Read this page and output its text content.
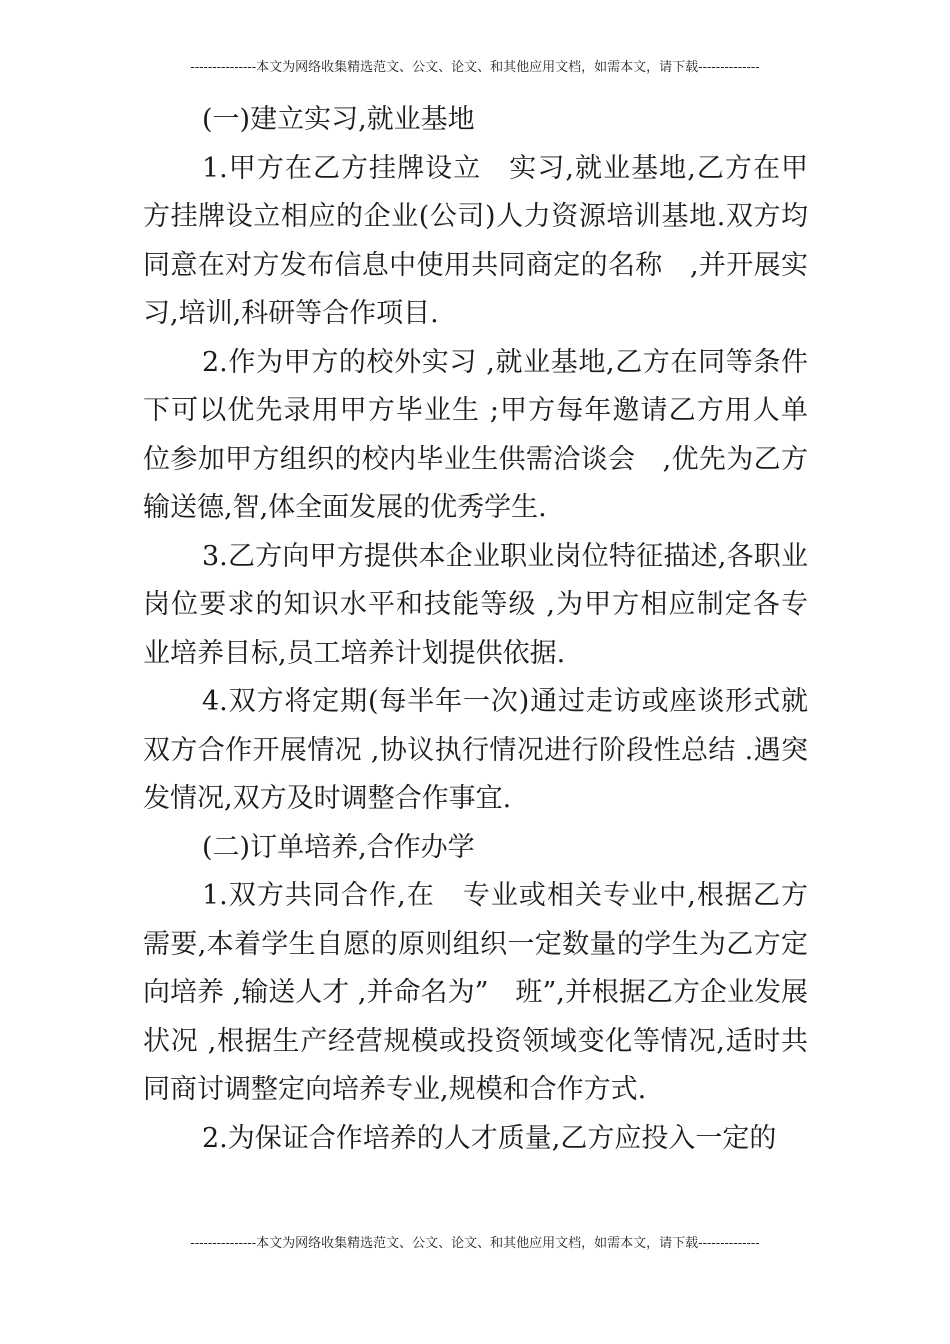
---------------本文为网络收集精选范文、公文、论文、和其他应用文档，如需本文，请下载--------------

(一)建立实习,就业基地

1.甲方在乙方挂牌设立　实习,就业基地,乙方在甲方挂牌设立相应的企业(公司)人力资源培训基地.双方均同意在对方发布信息中使用共同商定的名称　,并开展实习,培训,科研等合作项目.

2.作为甲方的校外实习 ,就业基地,乙方在同等条件下可以优先录用甲方毕业生 ;甲方每年邀请乙方用人单位参加甲方组织的校内毕业生供需洽谈会　,优先为乙方输送德,智,体全面发展的优秀学生.

3.乙方向甲方提供本企业职业岗位特征描述,各职业岗位要求的知识水平和技能等级 ,为甲方相应制定各专业培养目标,员工培养计划提供依据.

4.双方将定期(每半年一次)通过走访或座谈形式就双方合作开展情况 ,协议执行情况进行阶段性总结 .遇突发情况,双方及时调整合作事宜.

(二)订单培养,合作办学

1.双方共同合作,在　专业或相关专业中,根据乙方需要,本着学生自愿的原则组织一定数量的学生为乙方定向培养 ,输送人才 ,并命名为”　班”,并根据乙方企业发展状况 ,根据生产经营规模或投资领域变化等情况,适时共同商讨调整定向培养专业,规模和合作方式.

2.为保证合作培养的人才质量,乙方应投入一定的

---------------本文为网络收集精选范文、公文、论文、和其他应用文档，如需本文，请下载--------------
